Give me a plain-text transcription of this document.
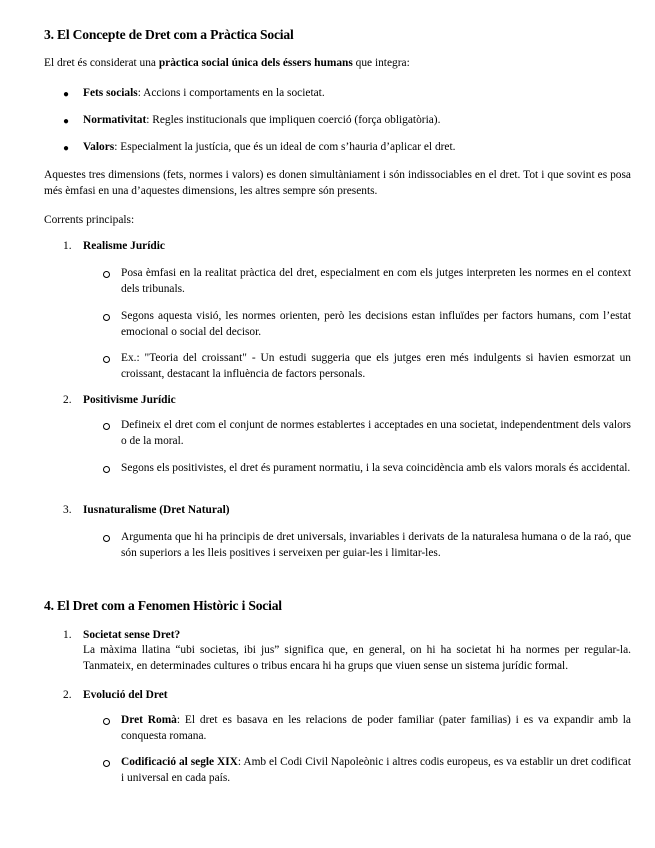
3. El Concepte de Dret com a Pràctica Social

El dret és considerat una pràctica social única dels éssers humans que integra:

● Fets socials: Accions i comportaments en la societat.

● Normativitat: Regles institucionals que impliquen coerció (força obligatòria).

● Valors: Especialment la justícia, que és un ideal de com s’hauria d’aplicar el dret.

Aquestes tres dimensions (fets, normes i valors) es donen simultàniament i són indissociables en el dret. Tot i que sovint es posa més èmfasi en una d’aquestes dimensions, les altres sempre són presents.

Corrents principals:

1. Realisme Jurídic

Posa èmfasi en la realitat pràctica del dret, especialment en com els jutges interpreten les normes en el context dels tribunals.

Segons aquesta visió, les normes orienten, però les decisions estan influïdes per factors humans, com l’estat emocional o social del decisor.

Ex.: "Teoria del croissant" - Un estudi suggeria que els jutges eren més indulgents si havien esmorzat un croissant, destacant la influència de factors personals.

2. Positivisme Jurídic

Defineix el dret com el conjunt de normes establertes i acceptades en una societat, independentment dels valors o de la moral.

Segons els positivistes, el dret és purament normatiu, i la seva coincidència amb els valors morals és accidental.

3. Iusnaturalisme (Dret Natural)

Argumenta que hi ha principis de dret universals, invariables i derivats de la naturalesa humana o de la raó, que són superiors a les lleis positives i serveixen per guiar-les i limitar-les.

4. El Dret com a Fenomen Històric i Social
1. Societat sense Dret?

La màxima llatina “ubi societas, ibi jus” significa que, en general, on hi ha societat hi ha normes per regular-la. Tanmateix, en determinades cultures o tribus encara hi ha grups que viuen sense un sistema jurídic formal.

2. Evolució del Dret

Dret Romà: El dret es basava en les relacions de poder familiar (pater familias) i es va expandir amb la conquesta romana.

Codificació al segle XIX: Amb el Codi Civil Napoleònic i altres codis europeus, es va establir un dret codificat i universal en cada país.
